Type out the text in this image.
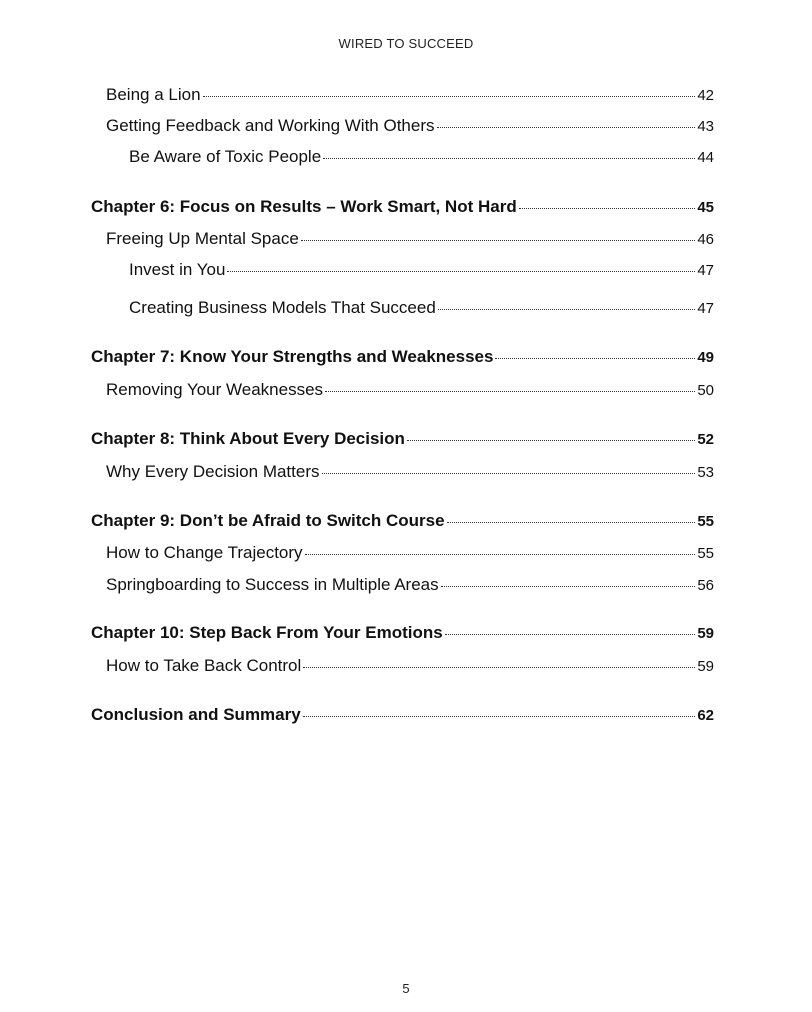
WIRED TO SUCCEED
Being a Lion	42
Getting Feedback and Working With Others	43
Be Aware of Toxic People	44
Chapter 6: Focus on Results – Work Smart, Not Hard	45
Freeing Up Mental Space	46
Invest in You	47
Creating Business Models That Succeed	47
Chapter 7: Know Your Strengths and Weaknesses	49
Removing Your Weaknesses	50
Chapter 8: Think About Every Decision	52
Why Every Decision Matters	53
Chapter 9: Don’t be Afraid to Switch Course	55
How to Change Trajectory	55
Springboarding to Success in Multiple Areas	56
Chapter 10: Step Back From Your Emotions	59
How to Take Back Control	59
Conclusion and Summary	62
5
